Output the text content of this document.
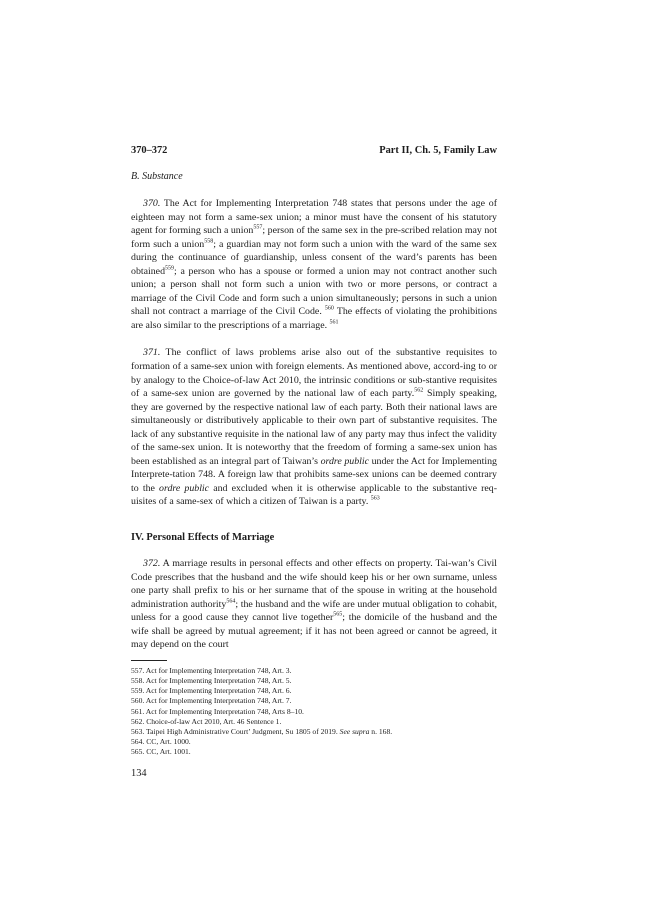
370–372	Part II, Ch. 5, Family Law
B. Substance

370. The Act for Implementing Interpretation 748 states that persons under the age of eighteen may not form a same-sex union; a minor must have the consent of his statutory agent for forming such a union$^{557}$; person of the same sex in the pre-scribed relation may not form such a union$^{558}$; a guardian may not form such a union with the ward of the same sex during the continuance of guardianship, unless consent of the ward’s parents has been obtained$^{559}$; a person who has a spouse or formed a union may not contract another such union; a person shall not form such a union with two or more persons, or contract a marriage of the Civil Code and form such a union simultaneously; persons in such a union shall not contract a marriage of the Civil Code. $^{560}$ The effects of violating the prohibitions are also similar to the prescriptions of a marriage. $^{561}$

371. The conflict of laws problems arise also out of the substantive requisites to formation of a same-sex union with foreign elements. As mentioned above, accord-ing to or by analogy to the Choice-of-law Act 2010, the intrinsic conditions or sub-stantive requisites of a same-sex union are governed by the national law of each party.$^{562}$ Simply speaking, they are governed by the respective national law of each party. Both their national laws are simultaneously or distributively applicable to their own part of substantive requisites. The lack of any substantive requisite in the national law of any party may thus infect the validity of the same-sex union. It is noteworthy that the freedom of forming a same-sex union has been established as an integral part of Taiwan’s ordre public under the Act for Implementing Interprete-tation 748. A foreign law that prohibits same-sex unions can be deemed contrary to the ordre public and excluded when it is otherwise applicable to the substantive req-uisites of a same-sex of which a citizen of Taiwan is a party. $^{563}$

IV. Personal Effects of Marriage

372. A marriage results in personal effects and other effects on property. Tai-wan’s Civil Code prescribes that the husband and the wife should keep his or her own surname, unless one party shall prefix to his or her surname that of the spouse in writing at the household administration authority$^{564}$; the husband and the wife are under mutual obligation to cohabit, unless for a good cause they cannot live together$^{565}$; the domicile of the husband and the wife shall be agreed by mutual agreement; if it has not been agreed or cannot be agreed, it may depend on the court

557. Act for Implementing Interpretation 748, Art. 3.
558. Act for Implementing Interpretation 748, Art. 5.
559. Act for Implementing Interpretation 748, Art. 6.
560. Act for Implementing Interpretation 748, Art. 7.
561. Act for Implementing Interpretation 748, Arts 8–10.
562. Choice-of-law Act 2010, Art. 46 Sentence 1.
563. Taipei High Administrative Court’ Judgment, Su 1805 of 2019. See supra n. 168.
564. CC, Art. 1000.
565. CC, Art. 1001.
134
